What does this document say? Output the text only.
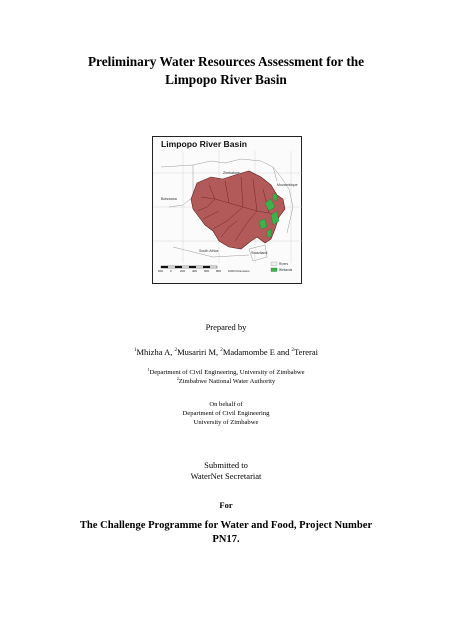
Preliminary Water Resources Assessment for the
Limpopo River Basin
Limpopo River Basin
Zimbabwe
Botswana
Mozambique
South Africa	Swaziland
200 0	200 400 600 800 1000 Kilometers
Rivers
Wetlands
Prepared by
$^1$Mhizha A, $^2$Musariri M, $^2$Madamombe E and $^2$Tererai
$^1$Department of Civil Engineering, University of Zimbabwe
$^2$Zimbabwe National Water Authority
On behalf of
Department of Civil Engineering
University of Zimbabwe
Submitted to
WaterNet Secretariat
For
The Challenge Programme for Water and Food, Project Number
PN17.
